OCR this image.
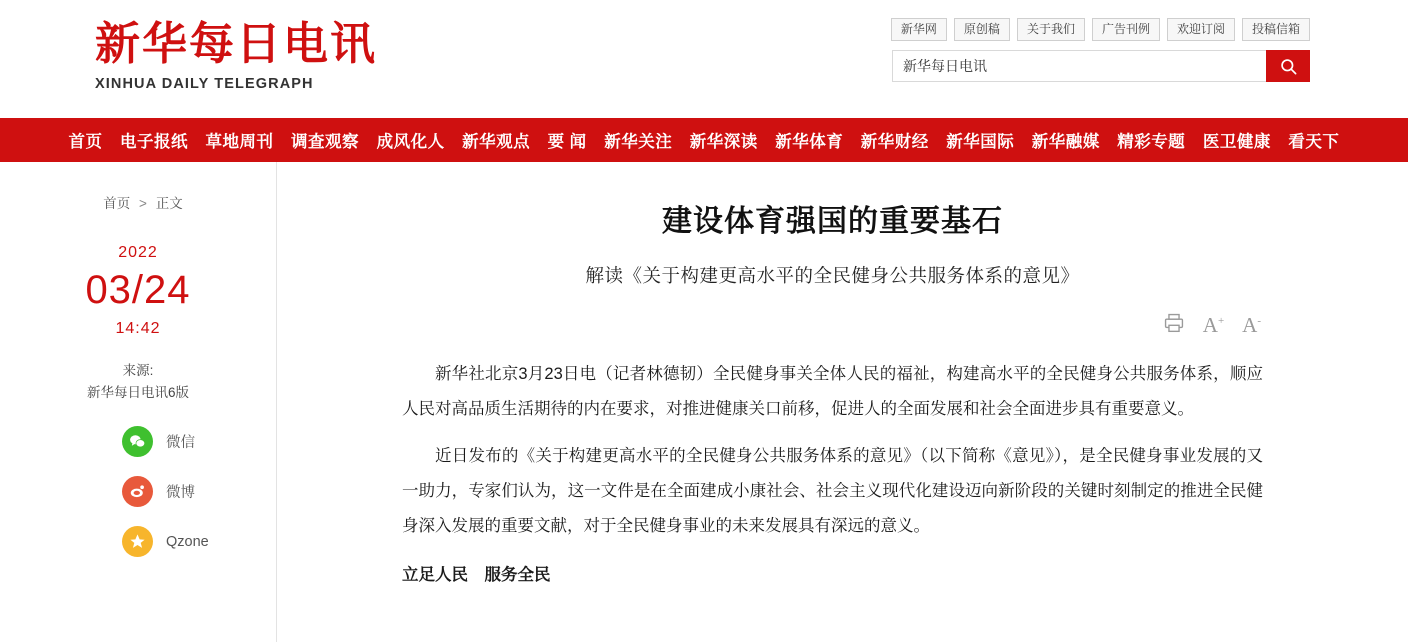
新华每日电讯
XINHUA DAILY TELEGRAPH
新华网	原创稿	关于我们	广告刊例	欢迎订阅	投稿信箱
新华每日电讯
首页 电子报纸 草地周刊 调查观察 成风化人 新华观点 要 闻 新华关注 新华深读 新华体育 新华财经 新华国际 新华融媒 精彩专题 医卫健康 看天下
首页 > 正文
2022
03/24
14:42
来源:
新华每日电讯6版
微信
微博
Qzone
建设体育强国的重要基石
解读《关于构建更高水平的全民健身公共服务体系的意见》
A+ A-

新华社北京3月23日电（记者林德韧）全民健身事关全体人民的福祉，构建高水平的全民健身公共服务体系，顺应人民对高品质生活期待的内在要求，对推进健康关口前移，促进人的全面发展和社会全面进步具有重要意义。

近日发布的《关于构建更高水平的全民健身公共服务体系的意见》（以下简称《意见》），是全民健身事业发展的又一助力，专家们认为，这一文件是在全面建成小康社会、社会主义现代化建设迈向新阶段的关键时刻制定的推进全民健身深入发展的重要文献，对于全民健身事业的未来发展具有深远的意义。

立足人民　服务全民
